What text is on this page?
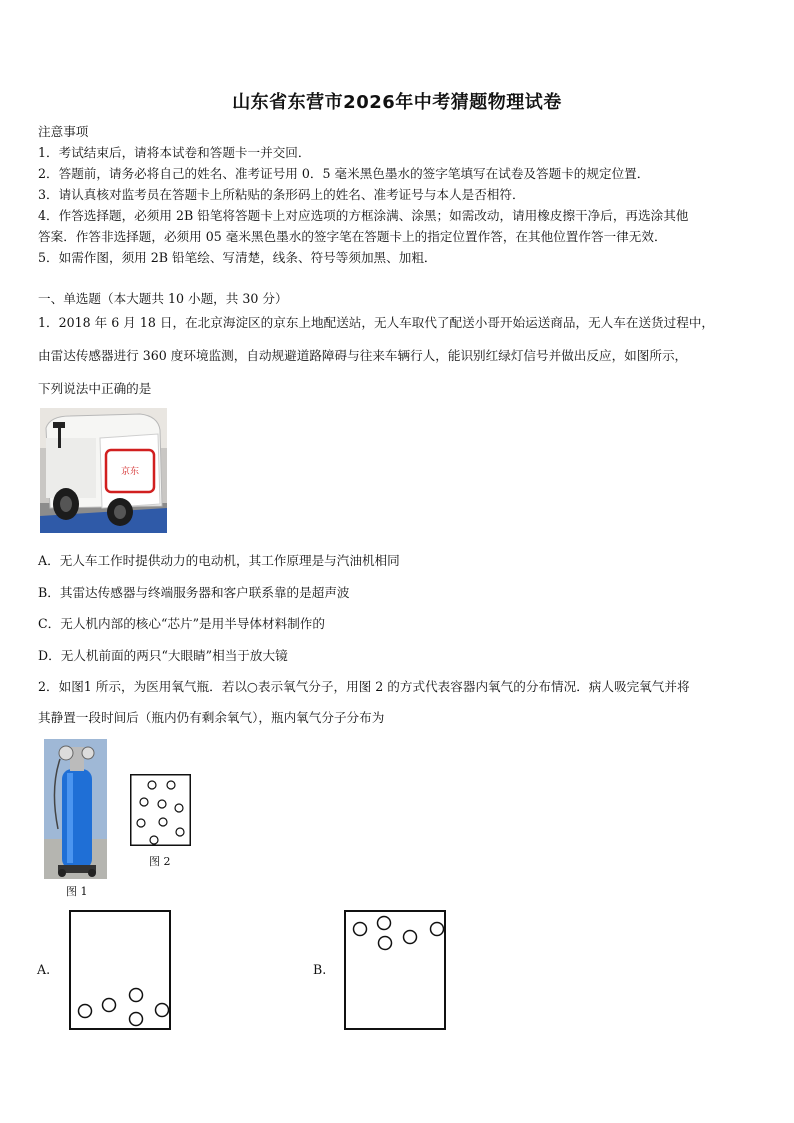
山东省东营市2026年中考猜题物理试卷
注意事项
1．考试结束后，请将本试卷和答题卡一并交回．
2．答题前，请务必将自己的姓名、准考证号用 0．5 毫米黑色墨水的签字笔填写在试卷及答题卡的规定位置．
3．请认真核对监考员在答题卡上所粘贴的条形码上的姓名、准考证号与本人是否相符．
4．作答选择题，必须用 2B 铅笔将答题卡上对应选项的方框涂满、涂黑；如需改动，请用橡皮擦干净后，再选涂其他
答案．作答非选择题，必须用 05 毫米黑色墨水的签字笔在答题卡上的指定位置作答，在其他位置作答一律无效．
5．如需作图，须用 2B 铅笔绘、写清楚，线条、符号等须加黑、加粗．
一、单选题（本大题共 10 小题，共 30 分）
1．2018 年 6 月 18 日，在北京海淀区的京东上地配送站，无人车取代了配送小哥开始运送商品，无人车在送货过程中，
由雷达传感器进行 360 度环境监测，自动规避道路障碍与往来车辆行人，能识别红绿灯信号并做出反应，如图所示，
下列说法中正确的是
京东
A．无人车工作时提供动力的电动机，其工作原理是与汽油机相同
B．其雷达传感器与终端服务器和客户联系靠的是超声波
C．无人机内部的核心“芯片”是用半导体材料制作的
D．无人机前面的两只“大眼睛”相当于放大镜
2．如图1 所示，为医用氧气瓶．若以○表示氧气分子，用图 2 的方式代表容器内氧气的分布情况．病人吸完氧气并将
其静置一段时间后（瓶内仍有剩余氧气），瓶内氧气分子分布为
图 1
图 2
A.	B.
